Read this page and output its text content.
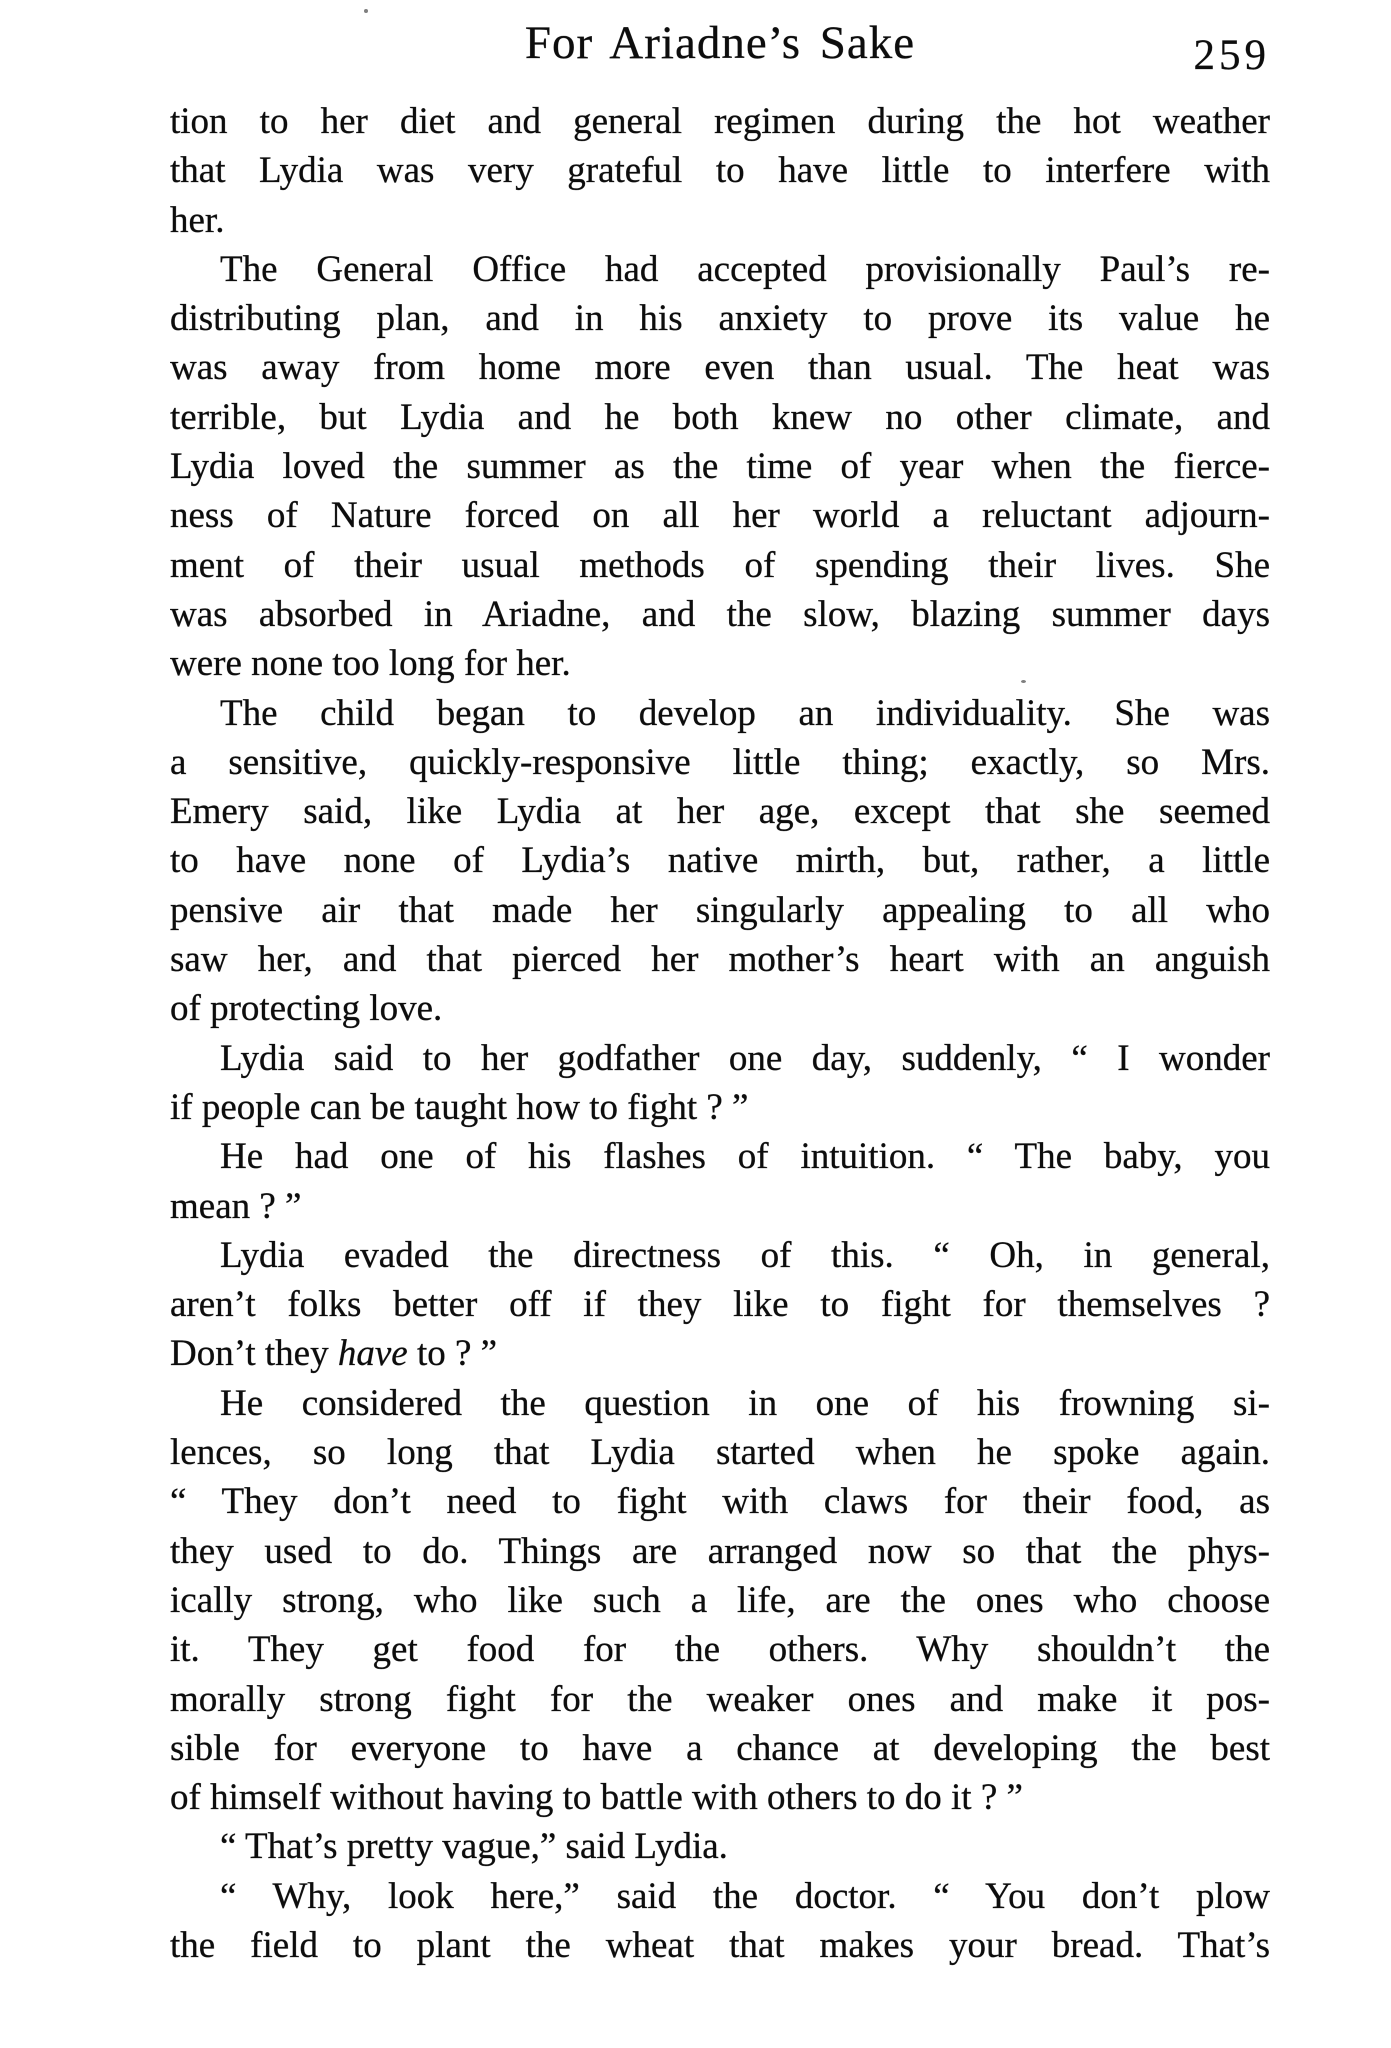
For Ariadne’s Sake	259
tion to her diet and general regimen during the hot weather
that Lydia was very grateful to have little to interfere with
her.
The General Office had accepted provisionally Paul’s re-
distributing plan, and in his anxiety to prove its value he
was away from home more even than usual. The heat was
terrible, but Lydia and he both knew no other climate, and
Lydia loved the summer as the time of year when the fierce-
ness of Nature forced on all her world a reluctant adjourn-
ment of their usual methods of spending their lives. She
was absorbed in Ariadne, and the slow, blazing summer days
were none too long for her.
The child began to develop an individuality. She was
a sensitive, quickly-responsive little thing; exactly, so Mrs.
Emery said, like Lydia at her age, except that she seemed
to have none of Lydia’s native mirth, but, rather, a little
pensive air that made her singularly appealing to all who
saw her, and that pierced her mother’s heart with an anguish
of protecting love.
Lydia said to her godfather one day, suddenly, “ I wonder
if people can be taught how to fight ? ”
He had one of his flashes of intuition. “ The baby, you
mean ? ”
Lydia evaded the directness of this. “ Oh, in general,
aren’t folks better off if they like to fight for themselves ?
Don’t they have to ? ”
He considered the question in one of his frowning si-
lences, so long that Lydia started when he spoke again.
“ They don’t need to fight with claws for their food, as
they used to do. Things are arranged now so that the phys-
ically strong, who like such a life, are the ones who choose
it. They get food for the others. Why shouldn’t the
morally strong fight for the weaker ones and make it pos-
sible for everyone to have a chance at developing the best
of himself without having to battle with others to do it ? ”
“ That’s pretty vague,” said Lydia.
“ Why, look here,” said the doctor. “ You don’t plow
the field to plant the wheat that makes your bread. That’s
